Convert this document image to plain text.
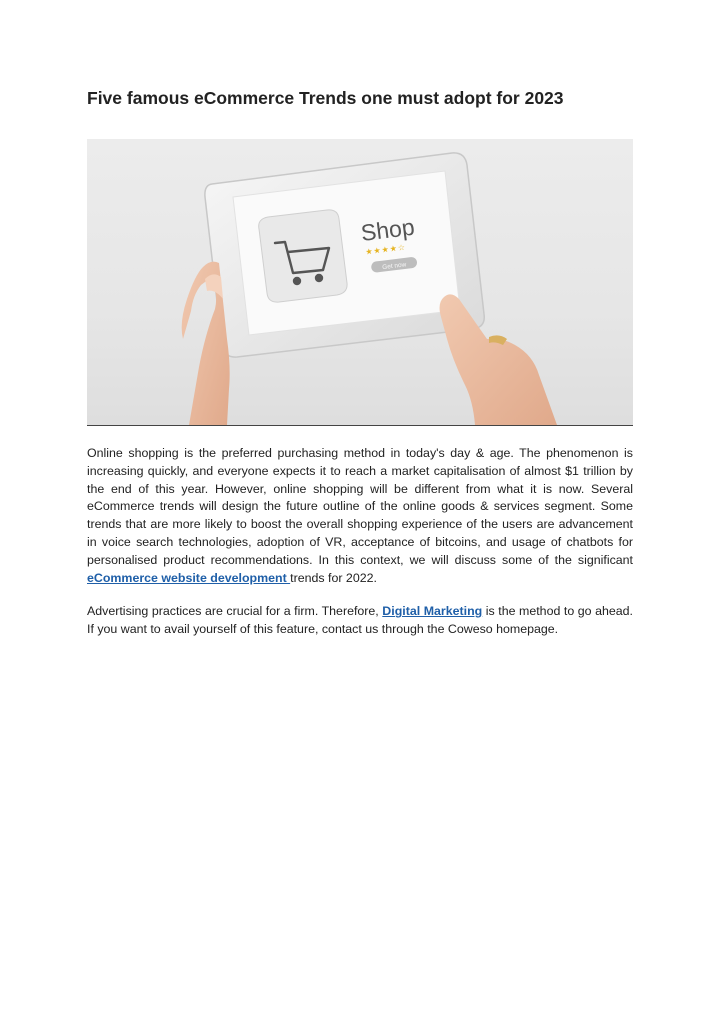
Five famous eCommerce Trends one must adopt for 2023
Shop
★★★★☆
Get now

Online shopping is the preferred purchasing method in today's day & age. The phenomenon is increasing quickly, and everyone expects it to reach a market capitalisation of almost $1 trillion by the end of this year. However, online shopping will be different from what it is now. Several eCommerce trends will design the future outline of the online goods & services segment. Some trends that are more likely to boost the overall shopping experience of the users are advancement in voice search technologies, adoption of VR, acceptance of bitcoins, and usage of chatbots for personalised product recommendations. In this context, we will discuss some of the significant eCommerce website development trends for 2022.

Advertising practices are crucial for a firm. Therefore, Digital Marketing is the method to go ahead. If you want to avail yourself of this feature, contact us through the Coweso homepage.
